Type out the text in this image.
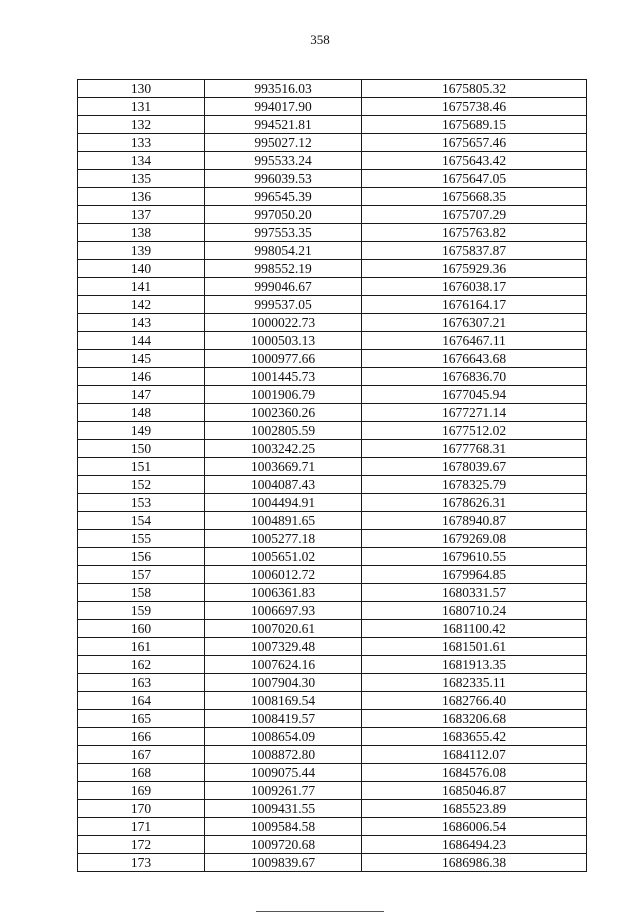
358
130	993516.03	1675805.32
131	994017.90	1675738.46
132	994521.81	1675689.15
133	995027.12	1675657.46
134	995533.24	1675643.42
135	996039.53	1675647.05
136	996545.39	1675668.35
137	997050.20	1675707.29
138	997553.35	1675763.82
139	998054.21	1675837.87
140	998552.19	1675929.36
141	999046.67	1676038.17
142	999537.05	1676164.17
143	1000022.73	1676307.21
144	1000503.13	1676467.11
145	1000977.66	1676643.68
146	1001445.73	1676836.70
147	1001906.79	1677045.94
148	1002360.26	1677271.14
149	1002805.59	1677512.02
150	1003242.25	1677768.31
151	1003669.71	1678039.67
152	1004087.43	1678325.79
153	1004494.91	1678626.31
154	1004891.65	1678940.87
155	1005277.18	1679269.08
156	1005651.02	1679610.55
157	1006012.72	1679964.85
158	1006361.83	1680331.57
159	1006697.93	1680710.24
160	1007020.61	1681100.42
161	1007329.48	1681501.61
162	1007624.16	1681913.35
163	1007904.30	1682335.11
164	1008169.54	1682766.40
165	1008419.57	1683206.68
166	1008654.09	1683655.42
167	1008872.80	1684112.07
168	1009075.44	1684576.08
169	1009261.77	1685046.87
170	1009431.55	1685523.89
171	1009584.58	1686006.54
172	1009720.68	1686494.23
173	1009839.67	1686986.38
